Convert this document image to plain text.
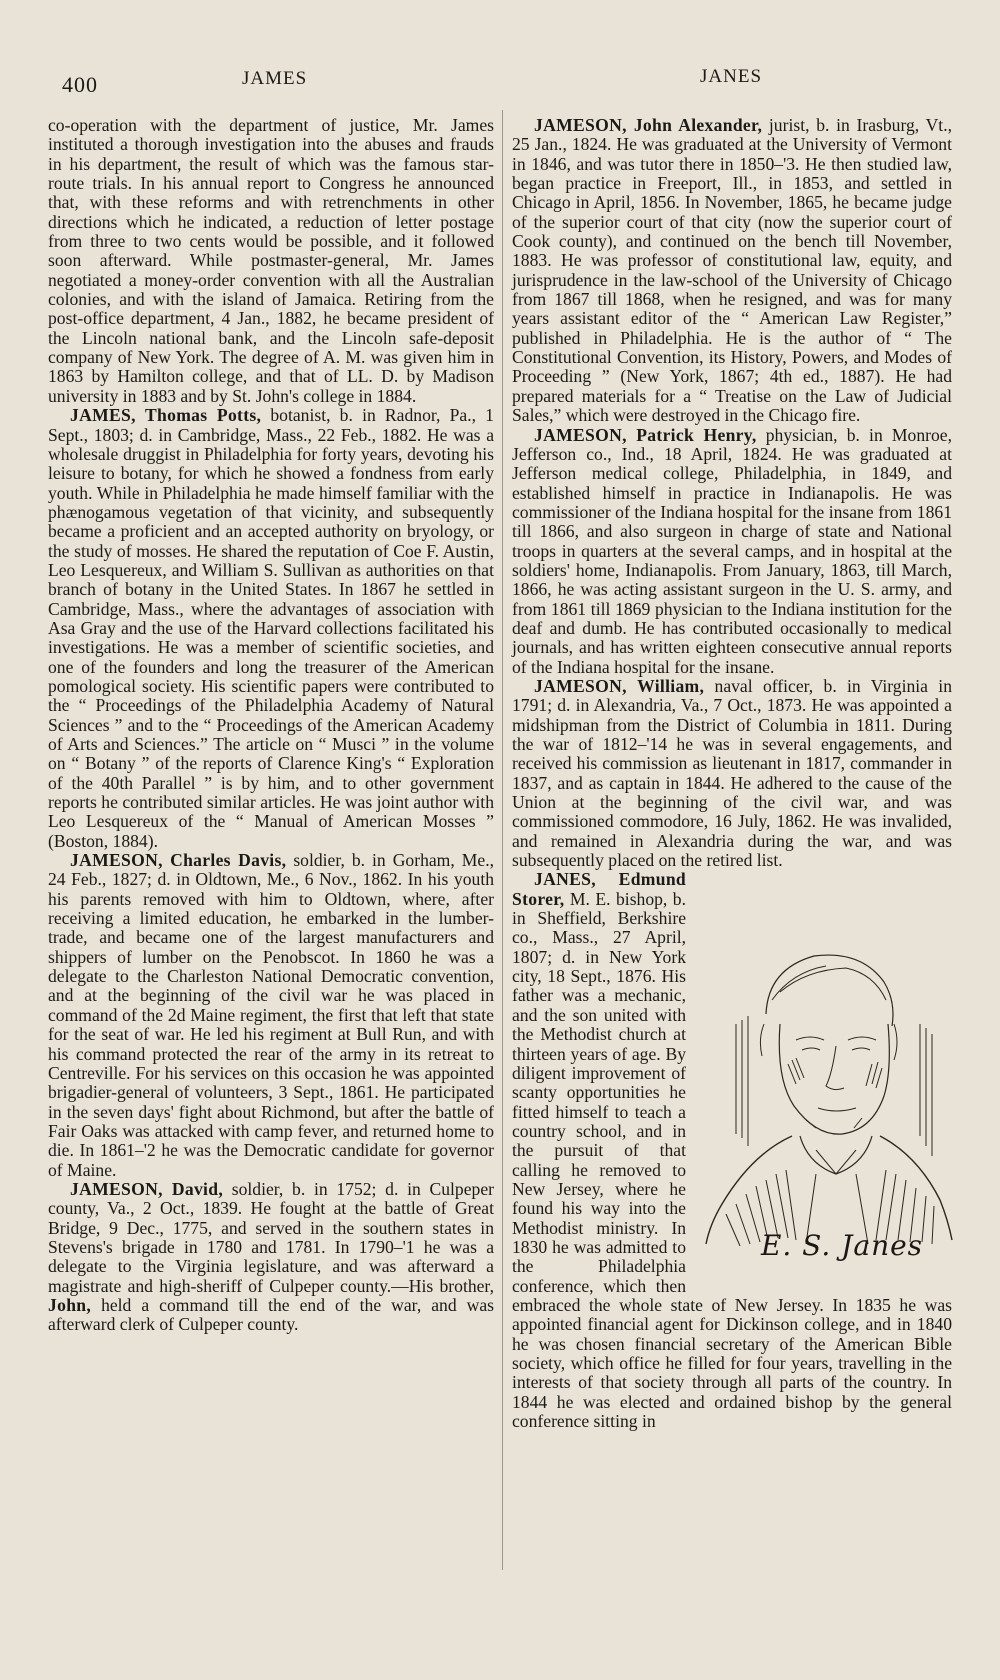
400	JAMES	JANES

co-operation with the department of justice, Mr. James instituted a thorough investigation into the abuses and frauds in his department, the result of which was the famous star-route trials. In his annual report to Congress he announced that, with these reforms and with retrenchments in other directions which he indicated, a reduction of letter postage from three to two cents would be possible, and it followed soon afterward. While postmaster-general, Mr. James negotiated a money-order convention with all the Australian colonies, and with the island of Jamaica. Retiring from the post-office department, 4 Jan., 1882, he became president of the Lincoln national bank, and the Lincoln safe-deposit company of New York. The degree of A. M. was given him in 1863 by Hamilton college, and that of LL. D. by Madison university in 1883 and by St. John's college in 1884.

JAMES, Thomas Potts, botanist, b. in Radnor, Pa., 1 Sept., 1803; d. in Cambridge, Mass., 22 Feb., 1882. He was a wholesale druggist in Philadelphia for forty years, devoting his leisure to botany, for which he showed a fondness from early youth. While in Philadelphia he made himself familiar with the phænogamous vegetation of that vicinity, and subsequently became a proficient and an accepted authority on bryology, or the study of mosses. He shared the reputation of Coe F. Austin, Leo Lesquereux, and William S. Sullivan as authorities on that branch of botany in the United States. In 1867 he settled in Cambridge, Mass., where the advantages of association with Asa Gray and the use of the Harvard collections facilitated his investigations. He was a member of scientific societies, and one of the founders and long the treasurer of the American pomological society. His scientific papers were contributed to the “ Proceedings of the Philadelphia Academy of Natural Sciences ” and to the “ Proceedings of the American Academy of Arts and Sciences.” The article on “ Musci ” in the volume on “ Botany ” of the reports of Clarence King's “ Exploration of the 40th Parallel ” is by him, and to other government reports he contributed similar articles. He was joint author with Leo Lesquereux of the “ Manual of American Mosses ” (Boston, 1884).

JAMESON, Charles Davis, soldier, b. in Gorham, Me., 24 Feb., 1827; d. in Oldtown, Me., 6 Nov., 1862. In his youth his parents removed with him to Oldtown, where, after receiving a limited education, he embarked in the lumber-trade, and became one of the largest manufacturers and shippers of lumber on the Penobscot. In 1860 he was a delegate to the Charleston National Democratic convention, and at the beginning of the civil war he was placed in command of the 2d Maine regiment, the first that left that state for the seat of war. He led his regiment at Bull Run, and with his command protected the rear of the army in its retreat to Centreville. For his services on this occasion he was appointed brigadier-general of volunteers, 3 Sept., 1861. He participated in the seven days' fight about Richmond, but after the battle of Fair Oaks was attacked with camp fever, and returned home to die. In 1861–'2 he was the Democratic candidate for governor of Maine.

JAMESON, David, soldier, b. in 1752; d. in Culpeper county, Va., 2 Oct., 1839. He fought at the battle of Great Bridge, 9 Dec., 1775, and served in the southern states in Stevens's brigade in 1780 and 1781. In 1790–'1 he was a delegate to the Virginia legislature, and was afterward a magistrate and high-sheriff of Culpeper county.—His brother, John, held a command till the end of the war, and was afterward clerk of Culpeper county.

JAMESON, John Alexander, jurist, b. in Irasburg, Vt., 25 Jan., 1824. He was graduated at the University of Vermont in 1846, and was tutor there in 1850–'3. He then studied law, began practice in Freeport, Ill., in 1853, and settled in Chicago in April, 1856. In November, 1865, he became judge of the superior court of that city (now the superior court of Cook county), and continued on the bench till November, 1883. He was professor of constitutional law, equity, and jurisprudence in the law-school of the University of Chicago from 1867 till 1868, when he resigned, and was for many years assistant editor of the “ American Law Register,” published in Philadelphia. He is the author of “ The Constitutional Convention, its History, Powers, and Modes of Proceeding ” (New York, 1867; 4th ed., 1887). He had prepared materials for a “ Treatise on the Law of Judicial Sales,” which were destroyed in the Chicago fire.

JAMESON, Patrick Henry, physician, b. in Monroe, Jefferson co., Ind., 18 April, 1824. He was graduated at Jefferson medical college, Philadelphia, in 1849, and established himself in practice in Indianapolis. He was commissioner of the Indiana hospital for the insane from 1861 till 1866, and also surgeon in charge of state and National troops in quarters at the several camps, and in hospital at the soldiers' home, Indianapolis. From January, 1863, till March, 1866, he was acting assistant surgeon in the U. S. army, and from 1861 till 1869 physician to the Indiana institution for the deaf and dumb. He has contributed occasionally to medical journals, and has written eighteen consecutive annual reports of the Indiana hospital for the insane.

JAMESON, William, naval officer, b. in Virginia in 1791; d. in Alexandria, Va., 7 Oct., 1873. He was appointed a midshipman from the District of Columbia in 1811. During the war of 1812–'14 he was in several engagements, and received his commission as lieutenant in 1817, commander in 1837, and as captain in 1844. He adhered to the cause of the Union at the beginning of the civil war, and was commissioned commodore, 16 July, 1862. He was invalided, and remained in Alexandria during the war, and was subsequently placed on the retired list.

E. S. Janes

JANES, Edmund Storer, M. E. bishop, b. in Sheffield, Berkshire co., Mass., 27 April, 1807; d. in New York city, 18 Sept., 1876. His father was a mechanic, and the son united with the Methodist church at thirteen years of age. By diligent improvement of scanty opportunities he fitted himself to teach a country school, and in the pursuit of that calling he removed to New Jersey, where he found his way into the Methodist ministry. In 1830 he was admitted to the Philadelphia conference, which then embraced the whole state of New Jersey. In 1835 he was appointed financial agent for Dickinson college, and in 1840 he was chosen financial secretary of the American Bible society, which office he filled for four years, travelling in the interests of that society through all parts of the country. In 1844 he was elected and ordained bishop by the general conference sitting in
